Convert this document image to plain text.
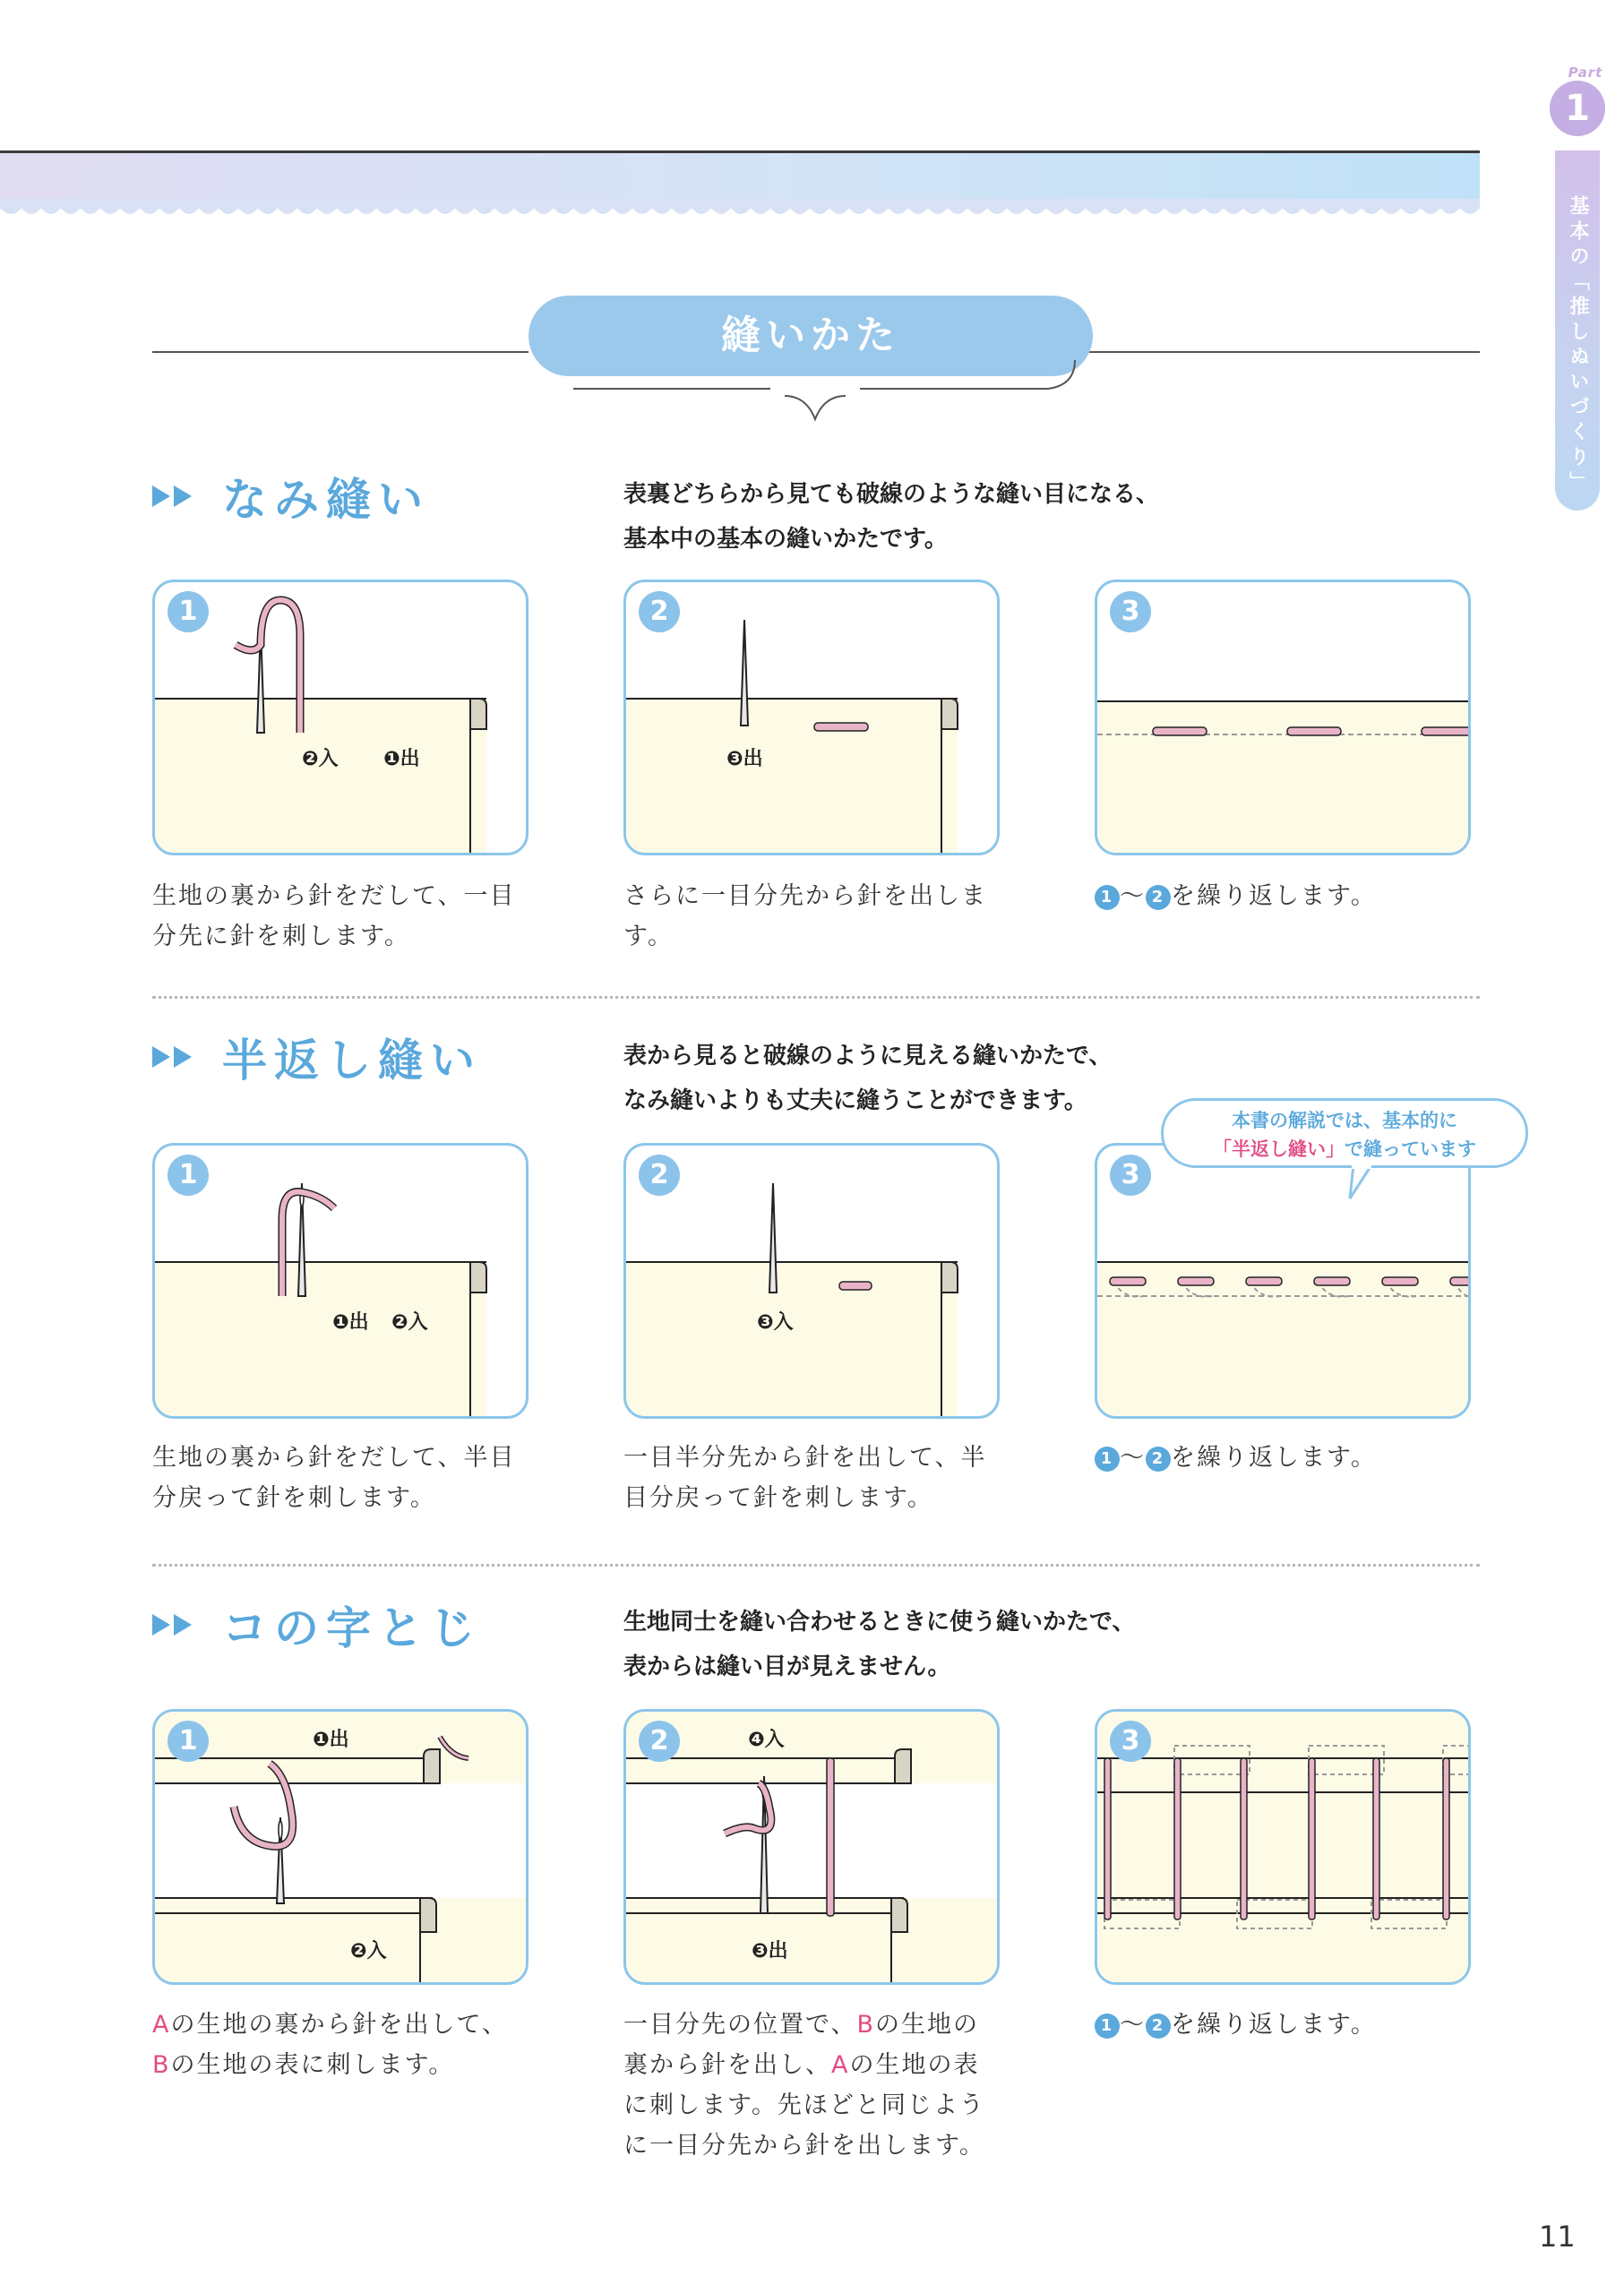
Part
1
基本の「推しぬいづくり」
縫いかた
なみ縫い	表裏どちらから見ても破線のような縫い目になる、
基本中の基本の縫いかたです。
1
❷入 ❶出
生地の裏から針をだして、一目
分先に針を刺します。
2
❸出
さらに一目分先から針を出しま
す。
3
1 ～ 2 を繰り返します。
半返し縫い	表から見ると破線のように見える縫いかたで、
なみ縫いよりも丈夫に縫うことができます。
1
❶出 ❷入
生地の裏から針をだして、半目
分戻って針を刺します。
2
❸入
一目半分先から針を出して、半
目分戻って針を刺します。
3
1 ～ 2 を繰り返します。
本書の解説では、基本的に
「半返し縫い」で縫っています
コの字とじ	生地同士を縫い合わせるときに使う縫いかたで、
表からは縫い目が見えません。
1	❶出
❷入
Aの生地の裏から針を出して、
Bの生地の表に刺します。
2	❹入
❸出
一目分先の位置で、Bの生地の
裏から針を出し、Aの生地の表
に刺します。先ほどと同じよう
に一目分先から針を出します。
3
1 ～ 2 を繰り返します。
11
